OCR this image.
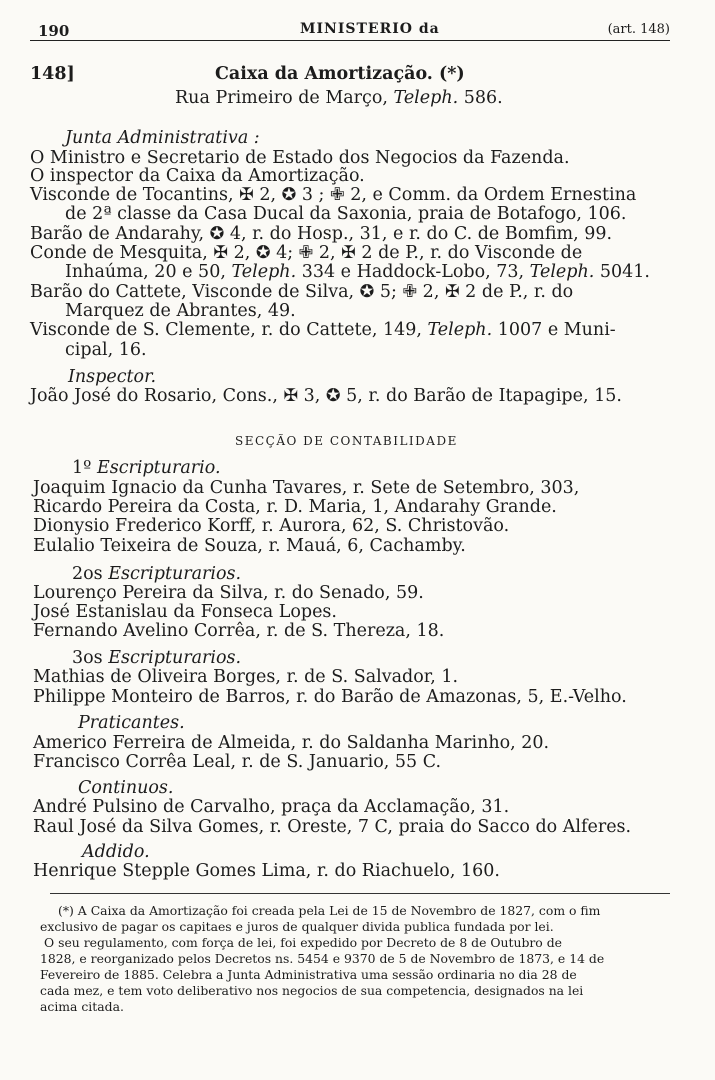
190	MINISTERIO da	(art. 148)
148]	Caixa da Amortização. (*)
Rua Primeiro de Março, Teleph. 586.
Junta Administrativa :
O Ministro e Secretario de Estado dos Negocios da Fazenda.
O inspector da Caixa da Amortização.
Visconde de Tocantins, ✠ 2, ✪ 3 ; ✙ 2, e Comm. da Ordem Ernestina
de 2ª classe da Casa Ducal da Saxonia, praia de Botafogo, 106.
Barão de Andarahy, ✪ 4, r. do Hosp., 31, e r. do C. de Bomfim, 99.
Conde de Mesquita, ✠ 2, ✪ 4; ✙ 2, ✠ 2 de P., r. do Visconde de
Inhaúma, 20 e 50, Teleph. 334 e Haddock-Lobo, 73, Teleph. 5041.
Barão do Cattete, Visconde de Silva, ✪ 5; ✙ 2, ✠ 2 de P., r. do
Marquez de Abrantes, 49.
Visconde de S. Clemente, r. do Cattete, 149, Teleph. 1007 e Muni-
cipal, 16.
Inspector.
João José do Rosario, Cons., ✠ 3, ✪ 5, r. do Barão de Itapagipe, 15.
SECÇÃO DE CONTABILIDADE
1º Escripturario.
Joaquim Ignacio da Cunha Tavares, r. Sete de Setembro, 303,
Ricardo Pereira da Costa, r. D. Maria, 1, Andarahy Grande.
Dionysio Frederico Korff, r. Aurora, 62, S. Christovão.
Eulalio Teixeira de Souza, r. Mauá, 6, Cachamby.
2os Escripturarios.
Lourenço Pereira da Silva, r. do Senado, 59.
José Estanislau da Fonseca Lopes.
Fernando Avelino Corrêa, r. de S. Thereza, 18.
3os Escripturarios.
Mathias de Oliveira Borges, r. de S. Salvador, 1.
Philippe Monteiro de Barros, r. do Barão de Amazonas, 5, E.-Velho.
Praticantes.
Americo Ferreira de Almeida, r. do Saldanha Marinho, 20.
Francisco Corrêa Leal, r. de S. Januario, 55 C.
Continuos.
André Pulsino de Carvalho, praça da Acclamação, 31.
Raul José da Silva Gomes, r. Oreste, 7 C, praia do Sacco do Alferes.
Addido.
Henrique Stepple Gomes Lima, r. do Riachuelo, 160.
(*) A Caixa da Amortização foi creada pela Lei de 15 de Novembro de 1827, com o fim
exclusivo de pagar os capitaes e juros de qualquer divida publica fundada por lei.
O seu regulamento, com força de lei, foi expedido por Decreto de 8 de Outubro de
1828, e reorganizado pelos Decretos ns. 5454 e 9370 de 5 de Novembro de 1873, e 14 de
Fevereiro de 1885. Celebra a Junta Administrativa uma sessão ordinaria no dia 28 de
cada mez, e tem voto deliberativo nos negocios de sua competencia, designados na lei
acima citada.
